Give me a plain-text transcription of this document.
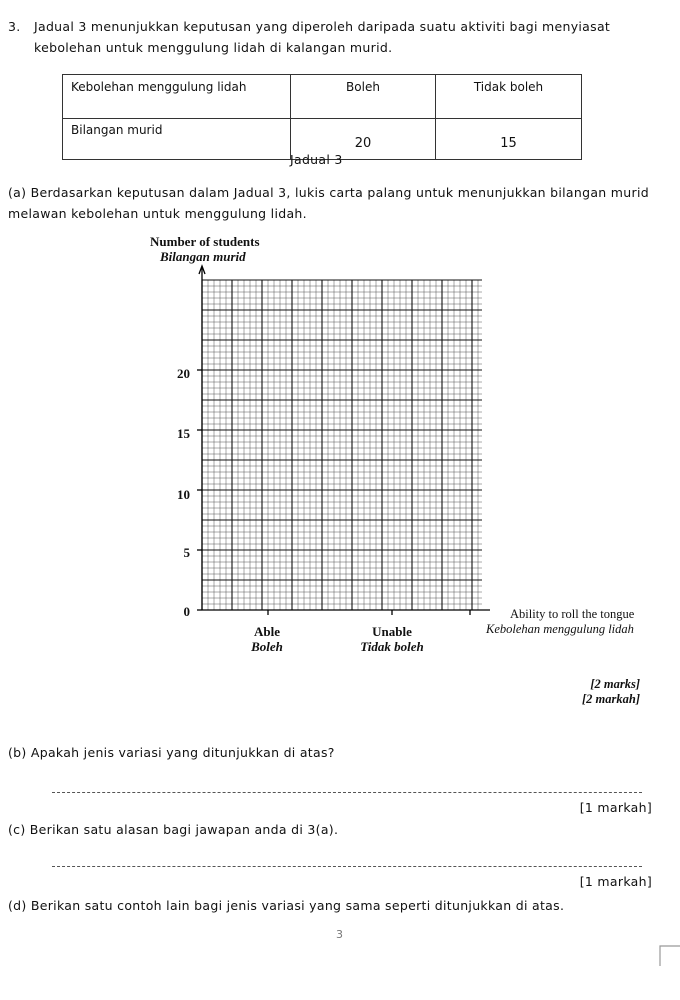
3. Jadual 3 menunjukkan keputusan yang diperoleh daripada suatu aktiviti bagi menyiasat kebolehan untuk menggulung lidah di kalangan murid.
Kebolehan menggulung lidah	Boleh	Tidak boleh
Bilangan murid	20	15
Jadual 3
(a) Berdasarkan keputusan dalam Jadual 3, lukis carta palang untuk menunjukkan bilangan murid melawan kebolehan untuk menggulung lidah.
Number of students
Bilangan murid
0
5
10
15
20
Able
Boleh
Unable
Tidak boleh
Ability to roll the tongue
Kebolehan menggulung lidah
[2 marks]
[2 markah]
(b) Apakah jenis variasi yang ditunjukkan di atas?
[1 markah]
(c) Berikan satu alasan bagi jawapan anda di 3(a).
[1 markah]
(d) Berikan satu contoh lain bagi jenis variasi yang sama seperti ditunjukkan di atas.
3
